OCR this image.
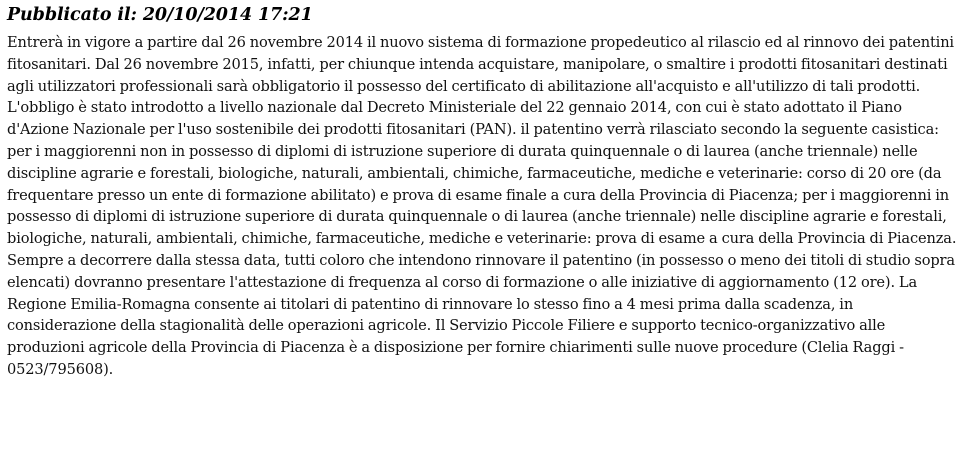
Pubblicato il: 20/10/2014 17:21

Entrerà in vigore a partire dal 26 novembre 2014 il nuovo sistema di formazione propedeutico al rilascio ed al rinnovo dei patentini fitosanitari. Dal 26 novembre 2015, infatti, per chiunque intenda acquistare, manipolare, o smaltire i prodotti fitosanitari destinati agli utilizzatori professionali sarà obbligatorio il possesso del certificato di abilitazione all'acquisto e all'utilizzo di tali prodotti. L'obbligo è stato introdotto a livello nazionale dal Decreto Ministeriale del 22 gennaio 2014, con cui è stato adottato il Piano d'Azione Nazionale per l'uso sostenibile dei prodotti fitosanitari (PAN). il patentino verrà rilasciato secondo la seguente casistica: per i maggiorenni non in possesso di diplomi di istruzione superiore di durata quinquennale o di laurea (anche triennale) nelle discipline agrarie e forestali, biologiche, naturali, ambientali, chimiche, farmaceutiche, mediche e veterinarie: corso di 20 ore (da frequentare presso un ente di formazione abilitato) e prova di esame finale a cura della Provincia di Piacenza; per i maggiorenni in possesso di diplomi di istruzione superiore di durata quinquennale o di laurea (anche triennale) nelle discipline agrarie e forestali, biologiche, naturali, ambientali, chimiche, farmaceutiche, mediche e veterinarie: prova di esame a cura della Provincia di Piacenza. Sempre a decorrere dalla stessa data, tutti coloro che intendono rinnovare il patentino (in possesso o meno dei titoli di studio sopra elencati) dovranno presentare l'attestazione di frequenza al corso di formazione o alle iniziative di aggiornamento (12 ore). La Regione Emilia-Romagna consente ai titolari di patentino di rinnovare lo stesso fino a 4 mesi prima dalla scadenza, in considerazione della stagionalità delle operazioni agricole. Il Servizio Piccole Filiere e supporto tecnico-organizzativo alle produzioni agricole della Provincia di Piacenza è a disposizione per fornire chiarimenti sulle nuove procedure (Clelia Raggi - 0523/795608).
